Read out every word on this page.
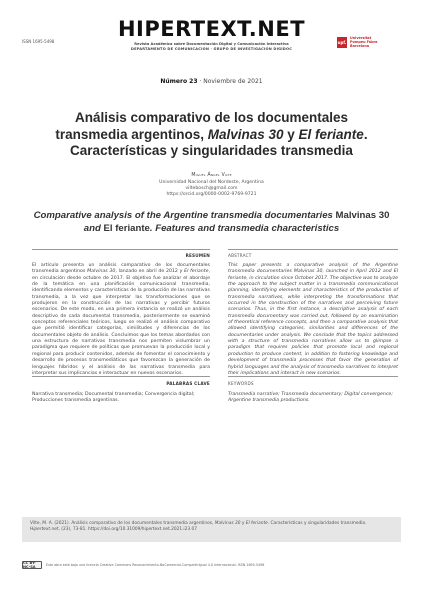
ISSN 1695-5498
HIPERTEXT.NET
Revista Académica sobre Documentación Digital y Comunicación Interactiva
DEPARTAMENTO DE COMUNICACIÓN · GRUPO DE INVESTIGACIÓN DIGIDOC
upf.
Universitat
Pompeu Fabra
Barcelona
Número 23 · Noviembre de 2021
Análisis comparativo de los documentales transmedia argentinos, Malvinas 30 y El feriante. Características y singularidades transmedia
Miguel Ángel Vilte
Universidad Nacional del Nordeste, Argentina
viltebosch@gmail.com
https://orcid.org/0000-0002-9769-9721
Comparative analysis of the Argentine transmedia documentaries Malvinas 30 and El feriante. Features and transmedia characteristics
RESUMEN	ABSTRACT
El artículo presenta un análisis comparativo de los documentales transmedia argentinos Malvinas 30, lanzado en abril de 2012 y El feriante, en circulación desde octubre de 2017. El objetivo fue analizar el abordaje de la temática en una planificación comunicacional transmedia, identificando elementos y características de la producción de las narrativas transmedia, a la vez que interpretar las transformaciones que se produjeron en la construcción de las narrativas y percibir futuros escenarios. De este modo, en una primera instancia se realizó un análisis descriptivo de cada documental transmedia, posteriormente se examinó conceptos referenciales teóricos, luego se realizó el análisis comparativo que permitió identificar categorías, similitudes y diferencias de los documentales objeto de análisis. Concluimos que los temas abordados con una estructura de narrativas transmedia nos permiten vislumbrar un paradigma que requiere de políticas que promuevan la producción local y regional para producir contenidos, además de fomentar el conocimiento y desarrollo de procesos transmediáticos que favorezcan la generación de lenguajes híbridos y el análisis de las narrativas transmedia para interpretar sus implicancias e interactuar en nuevos escenarios.
This paper presents a comparative analysis of the Argentine transmedia documentaries Malvinas 30, launched in April 2012 and El feriante, in circulation since October 2017. The objective was to analyze the approach to the subject matter in a transmedia communicational planning, identifying elements and characteristics of the production of transmedia narratives, while interpreting the transformations that occurred in the construction of the narratives and perceiving future scenarios. Thus, in the first instance, a descriptive analysis of each transmedia documentary was carried out, followed by an examination of theoretical reference concepts, and then a comparative analysis that allowed identifying categories, similarities and differences of the documentaries under analysis. We conclude that the topics addressed with a structure of transmedia narratives allow us to glimpse a paradigm that requires policies that promote local and regional production to produce content, in addition to fostering knowledge and development of transmedia processes that favor the generation of hybrid languages and the analysis of transmedia narratives to interpret their implications and interact in new scenarios.
PALABRAS CLAVE	KEYWORDS
Narrativa transmedia; Documental transmedia; Convergencia digital; Producciones transmedia argentinas.
Transmedia narrative; Transmedia documentary; Digital convergence; Argentine transmedia productions.
Vilte, M. A. (2021). Análisis comparativo de los documentales transmedia argentinos, Malvinas 30 y El feriante. Características y singularidades transmedia. Hipertext.net, (23), 73-81. https://doi.org/10.31009/hipertext.net.2021.i23.07
CC BY-NC-SA	Este obra está bajo una licencia Creative Commons Reconocimiento-NoComercial-CompartirIgual 4.0 Internacional. ISSN 1695-5498
